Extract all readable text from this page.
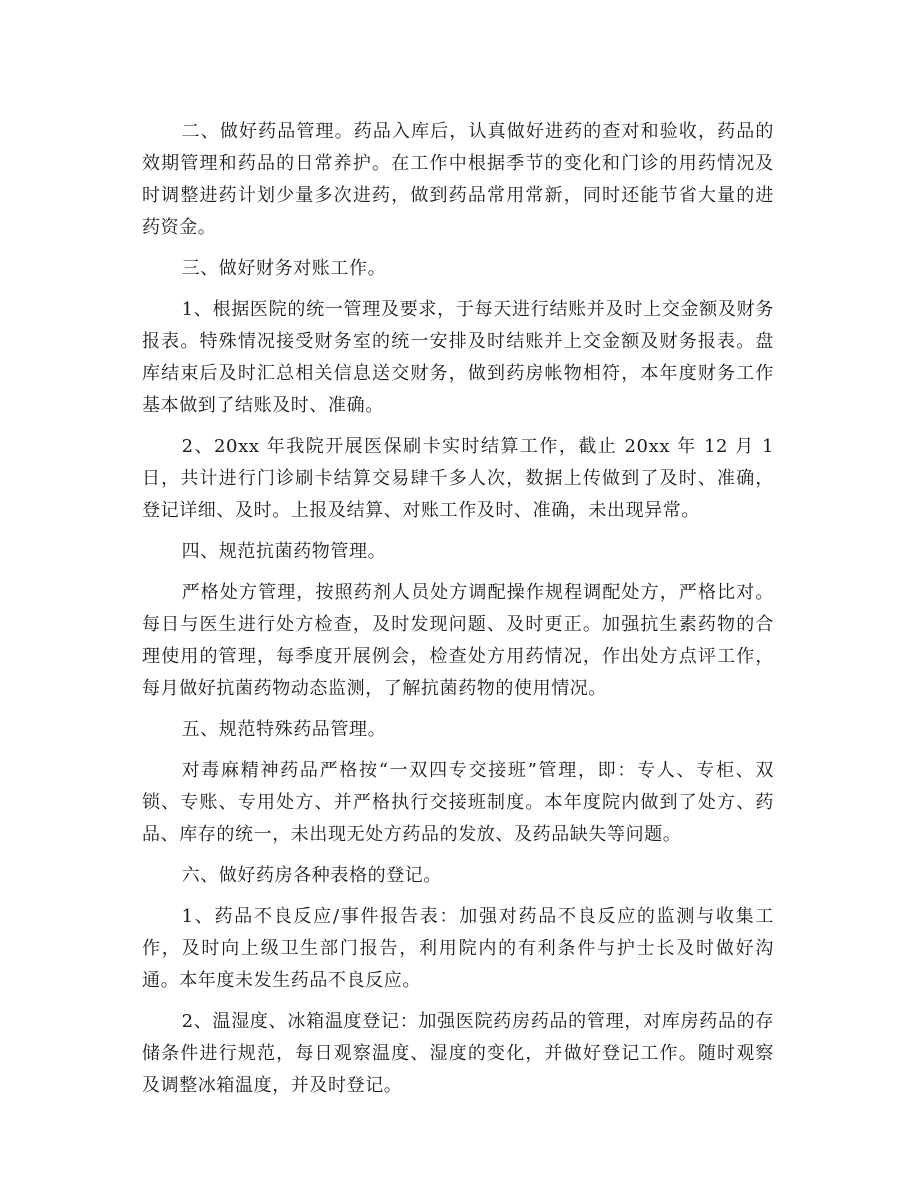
二、做好药品管理。药品入库后，认真做好进药的查对和验收，药品的效期管理和药品的日常养护。在工作中根据季节的变化和门诊的用药情况及时调整进药计划少量多次进药，做到药品常用常新，同时还能节省大量的进药资金。

三、做好财务对账工作。

1、根据医院的统一管理及要求，于每天进行结账并及时上交金额及财务报表。特殊情况接受财务室的统一安排及时结账并上交金额及财务报表。盘库结束后及时汇总相关信息送交财务，做到药房帐物相符，本年度财务工作基本做到了结账及时、准确。

2、20xx 年我院开展医保刷卡实时结算工作，截止 20xx 年 12 月 1 日，共计进行门诊刷卡结算交易肆千多人次，数据上传做到了及时、准确，登记详细、及时。上报及结算、对账工作及时、准确，未出现异常。

四、规范抗菌药物管理。

严格处方管理，按照药剂人员处方调配操作规程调配处方，严格比对。每日与医生进行处方检查，及时发现问题、及时更正。加强抗生素药物的合理使用的管理，每季度开展例会，检查处方用药情况，作出处方点评工作，每月做好抗菌药物动态监测，了解抗菌药物的使用情况。

五、规范特殊药品管理。

对毒麻精神药品严格按“一双四专交接班”管理，即：专人、专柜、双锁、专账、专用处方、并严格执行交接班制度。本年度院内做到了处方、药品、库存的统一，未出现无处方药品的发放、及药品缺失等问题。

六、做好药房各种表格的登记。

1、药品不良反应/事件报告表：加强对药品不良反应的监测与收集工作，及时向上级卫生部门报告，利用院内的有利条件与护士长及时做好沟通。本年度未发生药品不良反应。

2、温湿度、冰箱温度登记：加强医院药房药品的管理，对库房药品的存储条件进行规范，每日观察温度、湿度的变化，并做好登记工作。随时观察及调整冰箱温度，并及时登记。
